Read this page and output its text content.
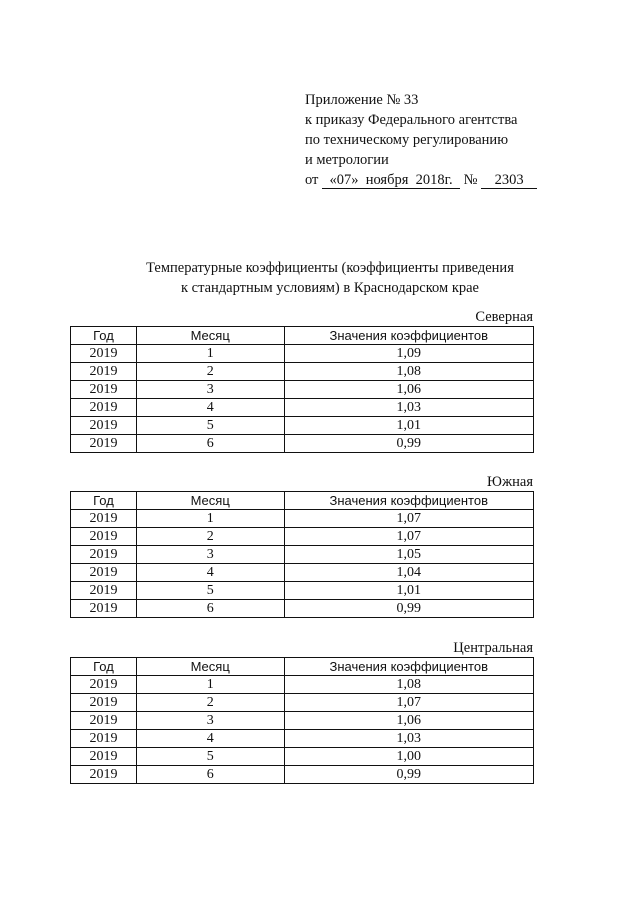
Приложение № 33
к приказу Федерального агентства
по техническому регулированию
и метрологии
от «07» ноября 2018г. № 2303
Температурные коэффициенты (коэффициенты приведения
к стандартным условиям) в Краснодарском крае
Северная
Год	Месяц	Значения коэффициентов
2019	1	1,09
2019	2	1,08
2019	3	1,06
2019	4	1,03
2019	5	1,01
2019	6	0,99
Южная
Год	Месяц	Значения коэффициентов
2019	1	1,07
2019	2	1,07
2019	3	1,05
2019	4	1,04
2019	5	1,01
2019	6	0,99
Центральная
Год	Месяц	Значения коэффициентов
2019	1	1,08
2019	2	1,07
2019	3	1,06
2019	4	1,03
2019	5	1,00
2019	6	0,99
